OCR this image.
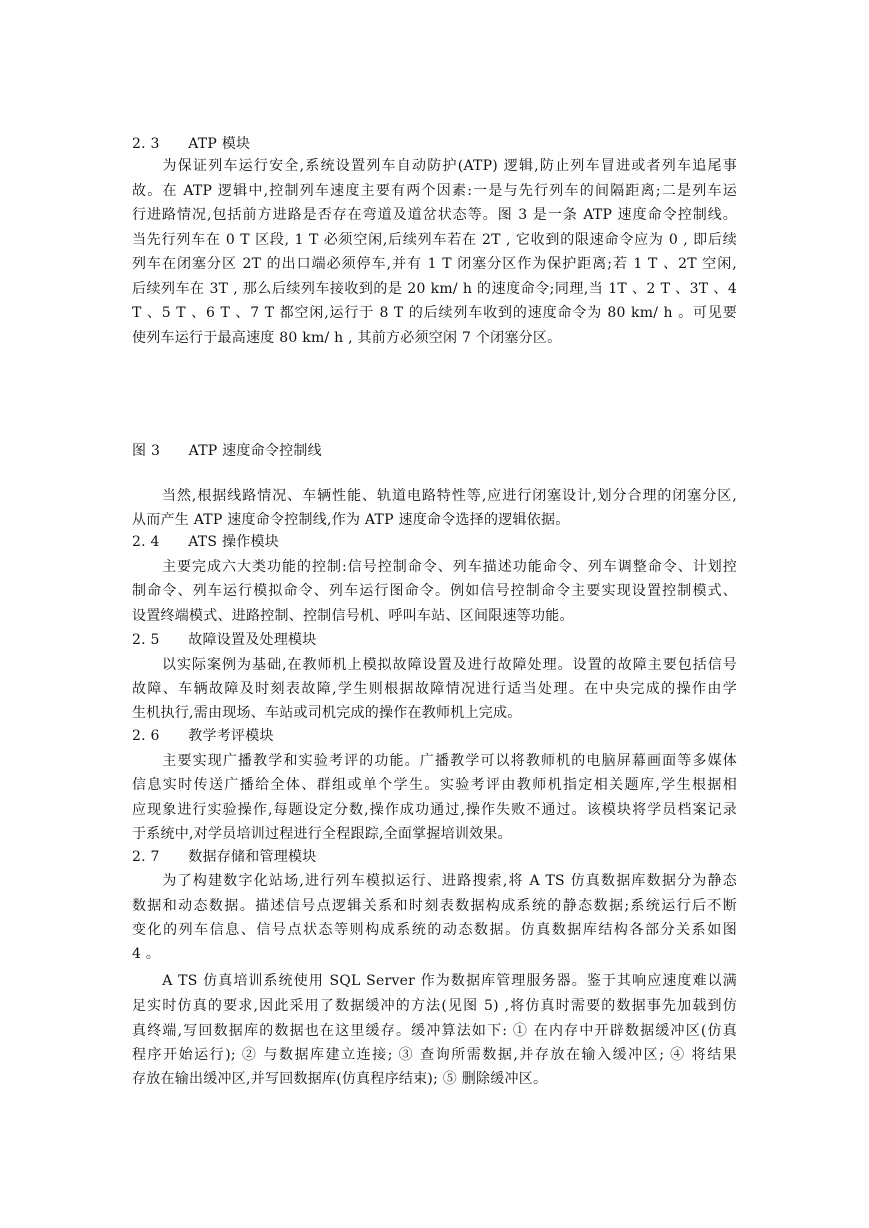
2. 3　　ATP 模块
　　为保证列车运行安全,系统设置列车自动防护(ATP) 逻辑,防止列车冒进或者列车追尾事
故。在 ATP 逻辑中,控制列车速度主要有两个因素:一是与先行列车的间隔距离;二是列车运
行进路情况,包括前方进路是否存在弯道及道岔状态等。图 3 是一条 ATP 速度命令控制线。
当先行列车在 0 T 区段, 1 T 必须空闲,后续列车若在 2T , 它收到的限速命令应为 0 , 即后续
列车在闭塞分区 2T 的出口端必须停车,并有 1 T 闭塞分区作为保护距离;若 1 T 、2T 空闲,
后续列车在 3T , 那么后续列车接收到的是 20 km/ h 的速度命令;同理,当 1T 、2 T 、3T 、4
T 、5 T 、6 T 、7 T 都空闲,运行于 8 T 的后续列车收到的速度命令为 80 km/ h 。可见要
使列车运行于最高速度 80 km/ h , 其前方必须空闲 7 个闭塞分区。
图 3　　ATP 速度命令控制线
　　当然,根据线路情况、车辆性能、轨道电路特性等,应进行闭塞设计,划分合理的闭塞分区,
从而产生 ATP 速度命令控制线,作为 ATP 速度命令选择的逻辑依据。
2. 4　　ATS 操作模块
　　主要完成六大类功能的控制:信号控制命令、列车描述功能命令、列车调整命令、计划控
制命令、列车运行模拟命令、列车运行图命令。例如信号控制命令主要实现设置控制模式、
设置终端模式、进路控制、控制信号机、呼叫车站、区间限速等功能。
2. 5　　故障设置及处理模块
　　以实际案例为基础,在教师机上模拟故障设置及进行故障处理。设置的故障主要包括信号
故障、车辆故障及时刻表故障,学生则根据故障情况进行适当处理。在中央完成的操作由学
生机执行,需由现场、车站或司机完成的操作在教师机上完成。
2. 6　　教学考评模块
　　主要实现广播教学和实验考评的功能。广播教学可以将教师机的电脑屏幕画面等多媒体
信息实时传送广播给全体、群组或单个学生。实验考评由教师机指定相关题库,学生根据相
应现象进行实验操作,每题设定分数,操作成功通过,操作失败不通过。该模块将学员档案记录
于系统中,对学员培训过程进行全程跟踪,全面掌握培训效果。
2. 7　　数据存储和管理模块
　　为了构建数字化站场,进行列车模拟运行、进路搜索,将 A TS 仿真数据库数据分为静态
数据和动态数据。描述信号点逻辑关系和时刻表数据构成系统的静态数据;系统运行后不断
变化的列车信息、信号点状态等则构成系统的动态数据。仿真数据库结构各部分关系如图
4 。
　　A TS 仿真培训系统使用 SQL Server 作为数据库管理服务器。鉴于其响应速度难以满
足实时仿真的要求,因此采用了数据缓冲的方法(见图 5) ,将仿真时需要的数据事先加载到仿
真终端,写回数据库的数据也在这里缓存。缓冲算法如下: ① 在内存中开辟数据缓冲区(仿真
程序开始运行); ② 与数据库建立连接; ③ 查询所需数据,并存放在输入缓冲区; ④ 将结果
存放在输出缓冲区,并写回数据库(仿真程序结束); ⑤ 删除缓冲区。
